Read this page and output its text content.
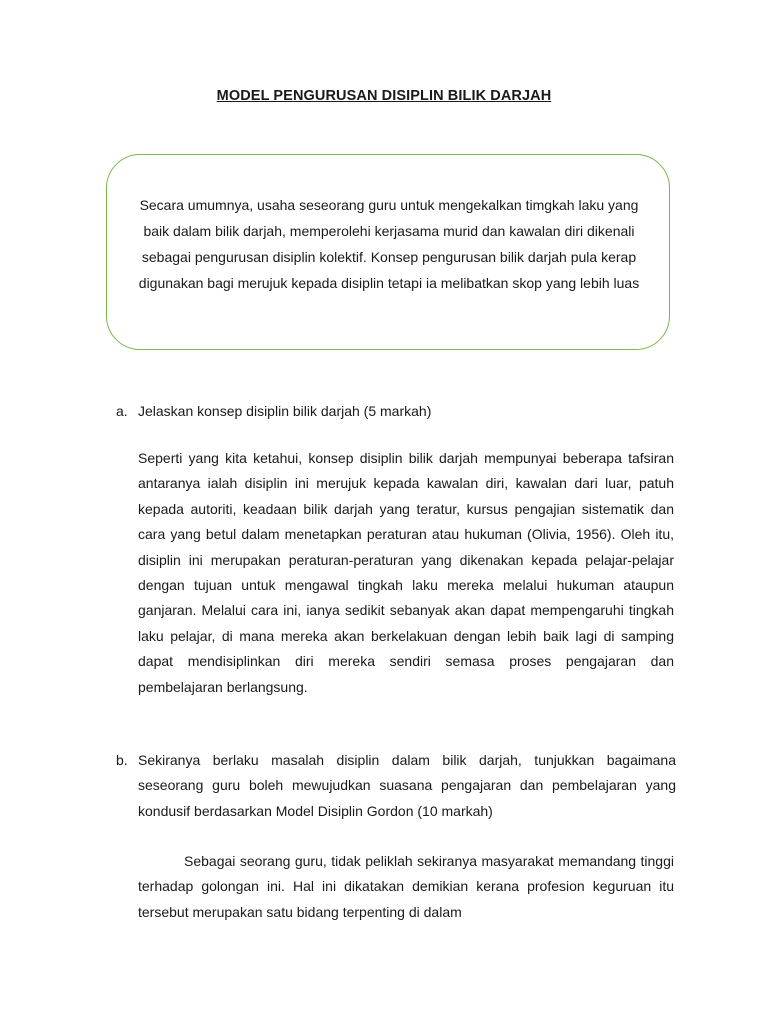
MODEL PENGURUSAN DISIPLIN BILIK DARJAH
Secara umumnya, usaha seseorang guru untuk mengekalkan timgkah laku yang baik dalam bilik darjah, memperolehi kerjasama murid dan kawalan diri dikenali sebagai pengurusan disiplin kolektif. Konsep pengurusan bilik darjah pula kerap digunakan bagi merujuk kepada disiplin tetapi ia melibatkan skop yang lebih luas
a. Jelaskan konsep disiplin bilik darjah (5 markah)
Seperti yang kita ketahui, konsep disiplin bilik darjah mempunyai beberapa tafsiran antaranya ialah disiplin ini merujuk kepada kawalan diri, kawalan dari luar, patuh kepada autoriti, keadaan bilik darjah yang teratur, kursus pengajian sistematik dan cara yang betul dalam menetapkan peraturan atau hukuman (Olivia, 1956). Oleh itu, disiplin ini merupakan peraturan-peraturan yang dikenakan kepada pelajar-pelajar dengan tujuan untuk mengawal tingkah laku mereka melalui hukuman ataupun ganjaran. Melalui cara ini, ianya sedikit sebanyak akan dapat mempengaruhi tingkah laku pelajar, di mana mereka akan berkelakuan dengan lebih baik lagi di samping dapat mendisiplinkan diri mereka sendiri semasa proses pengajaran dan pembelajaran berlangsung.
b. Sekiranya berlaku masalah disiplin dalam bilik darjah, tunjukkan bagaimana seseorang guru boleh mewujudkan suasana pengajaran dan pembelajaran yang kondusif berdasarkan Model Disiplin Gordon (10 markah)
Sebagai seorang guru, tidak peliklah sekiranya masyarakat memandang tinggi terhadap golongan ini. Hal ini dikatakan demikian kerana profesion keguruan itu tersebut merupakan satu bidang terpenting di dalam
